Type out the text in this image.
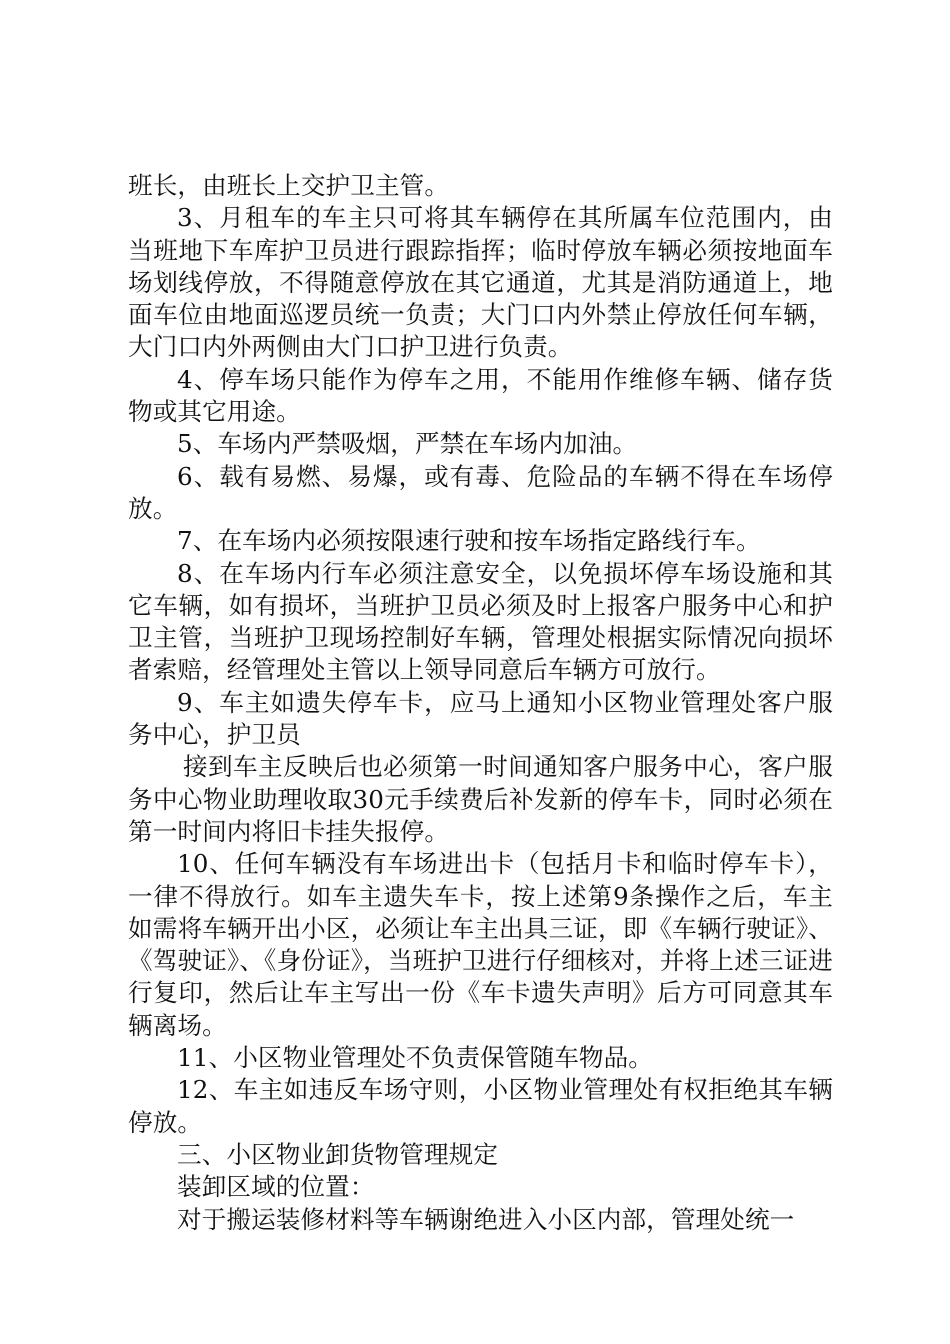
班长，由班长上交护卫主管。

3、月租车的车主只可将其车辆停在其所属车位范围内，由当班地下车库护卫员进行跟踪指挥；临时停放车辆必须按地面车场划线停放，不得随意停放在其它通道，尤其是消防通道上，地面车位由地面巡逻员统一负责；大门口内外禁止停放任何车辆，大门口内外两侧由大门口护卫进行负责。

4、停车场只能作为停车之用，不能用作维修车辆、储存货物或其它用途。

5、车场内严禁吸烟，严禁在车场内加油。

6、载有易燃、易爆，或有毒、危险品的车辆不得在车场停放。

7、在车场内必须按限速行驶和按车场指定路线行车。

8、在车场内行车必须注意安全，以免损坏停车场设施和其它车辆，如有损坏，当班护卫员必须及时上报客户服务中心和护卫主管，当班护卫现场控制好车辆，管理处根据实际情况向损坏者索赔，经管理处主管以上领导同意后车辆方可放行。

9、车主如遗失停车卡，应马上通知小区物业管理处客户服务中心，护卫员

接到车主反映后也必须第一时间通知客户服务中心，客户服务中心物业助理收取30元手续费后补发新的停车卡，同时必须在第一时间内将旧卡挂失报停。

10、任何车辆没有车场进出卡（包括月卡和临时停车卡），一律不得放行。如车主遗失车卡，按上述第9条操作之后，车主如需将车辆开出小区，必须让车主出具三证，即《车辆行驶证》、《驾驶证》、《身份证》，当班护卫进行仔细核对，并将上述三证进行复印，然后让车主写出一份《车卡遗失声明》后方可同意其车辆离场。

11、小区物业管理处不负责保管随车物品。

12、车主如违反车场守则，小区物业管理处有权拒绝其车辆停放。

三、小区物业卸货物管理规定

装卸区域的位置：

对于搬运装修材料等车辆谢绝进入小区内部，管理处统一
